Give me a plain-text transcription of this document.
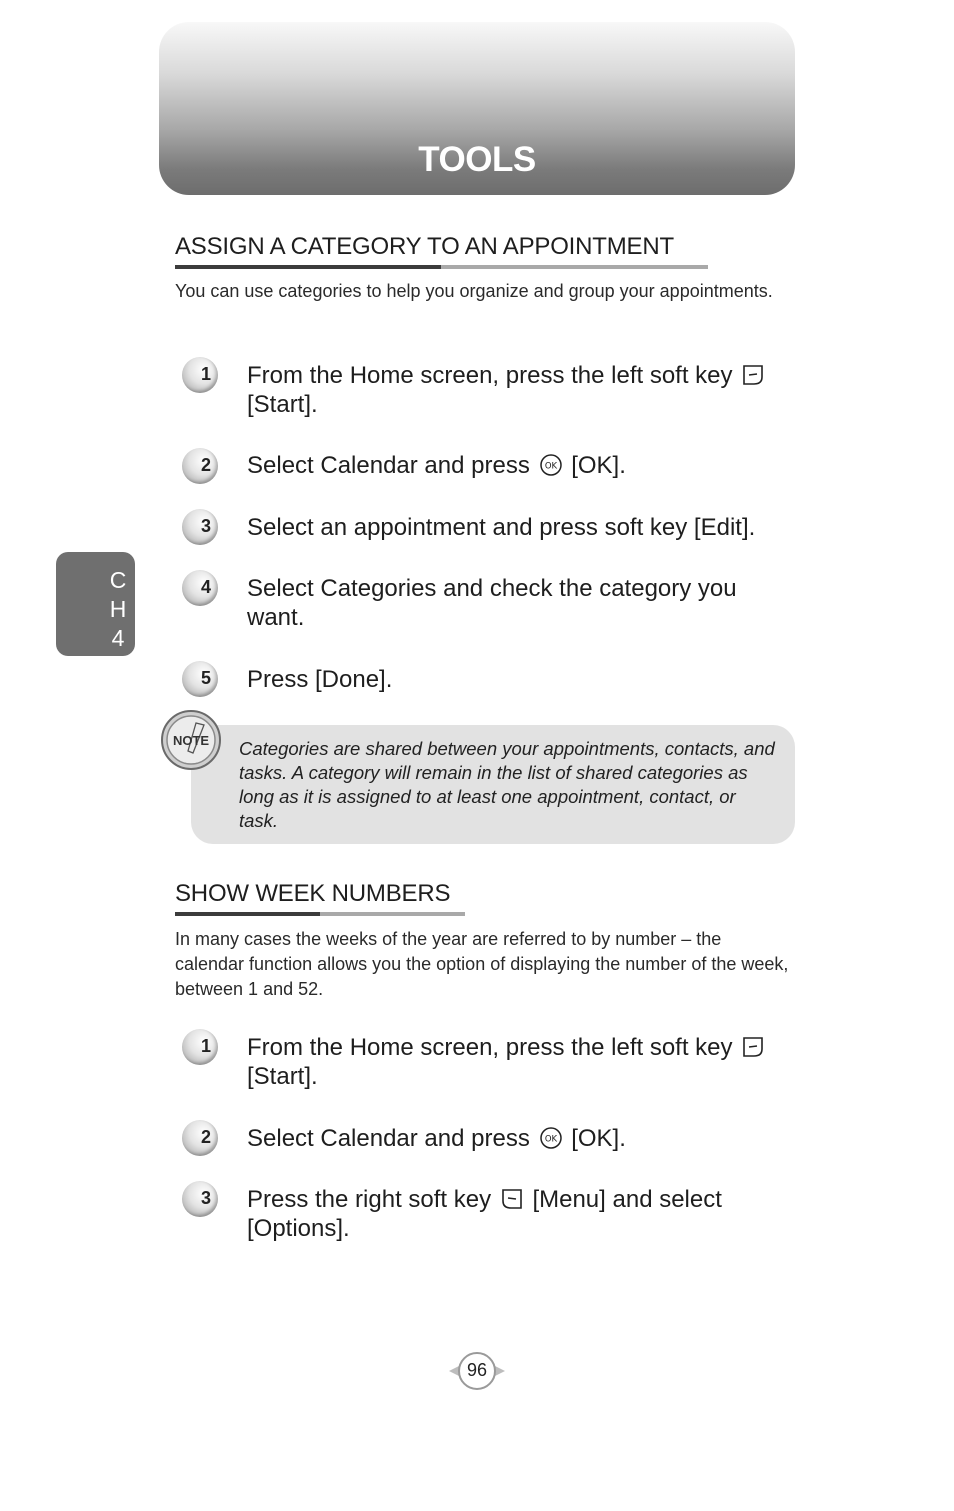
TOOLS
C
H
4
ASSIGN A CATEGORY TO AN APPOINTMENT
You can use categories to help you organize and group your appointments.
1 From the Home screen, press the left soft key
[Start].
2 Select Calendar and press OK [OK].
3 Select an appointment and press soft key [Edit].
4 Select Categories and check the category you want.
5 Press [Done].
NOTE Categories are shared between your appointments, contacts, and tasks. A category will remain in the list of shared categories as long as it is assigned to at least one appointment, contact, or task.
SHOW WEEK NUMBERS
In many cases the weeks of the year are referred to by number – the calendar function allows you the option of displaying the number of the week, between 1 and 52.
1 From the Home screen, press the left soft key
[Start].
2 Select Calendar and press OK [OK].
3 Press the right soft key [Menu] and select [Options].
96
